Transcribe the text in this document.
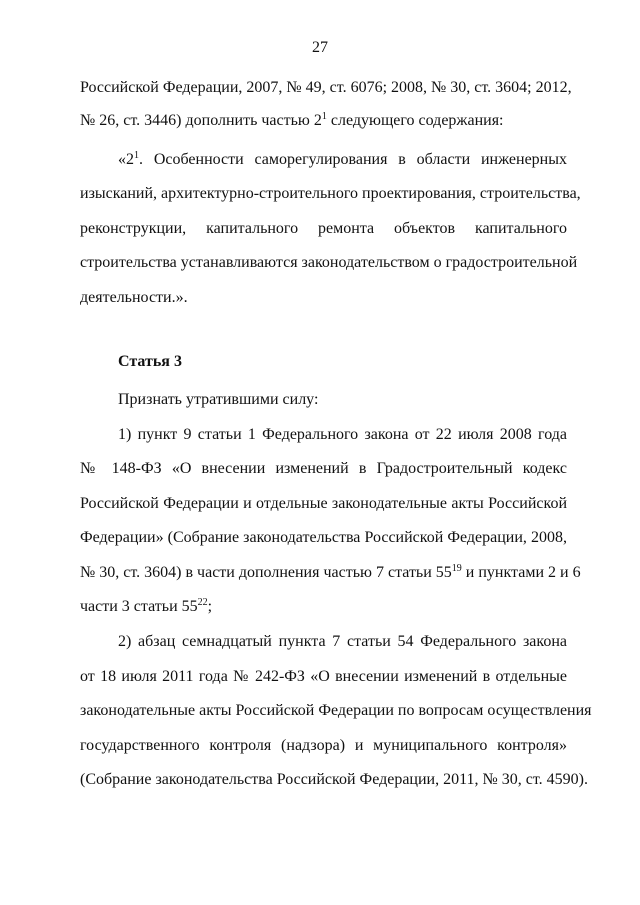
27

Российской Федерации, 2007, № 49, ст. 6076; 2008, № 30, ст. 3604; 2012,

№ 26, ст. 3446) дополнить частью $2^1$ следующего содержания:

«$2^1$. Особенности саморегулирования в области инженерных

изысканий, архитектурно-строительного проектирования, строительства,

реконструкции, капитального ремонта объектов капитального

строительства устанавливаются законодательством о градостроительной

деятельности.».

Статья 3

Признать утратившими силу:

1) пункт 9 статьи 1 Федерального закона от 22 июля 2008 года

№ 148-ФЗ «О внесении изменений в Градостроительный кодекс

Российской Федерации и отдельные законодательные акты Российской

Федерации» (Собрание законодательства Российской Федерации, 2008,

№ 30, ст. 3604) в части дополнения частью 7 статьи $55^{19}$ и пунктами 2 и 6

части 3 статьи $55^{22}$;

2) абзац семнадцатый пункта 7 статьи 54 Федерального закона

от 18 июля 2011 года № 242-ФЗ «О внесении изменений в отдельные

законодательные акты Российской Федерации по вопросам осуществления

государственного контроля (надзора) и муниципального контроля»

(Собрание законодательства Российской Федерации, 2011, № 30, ст. 4590).
